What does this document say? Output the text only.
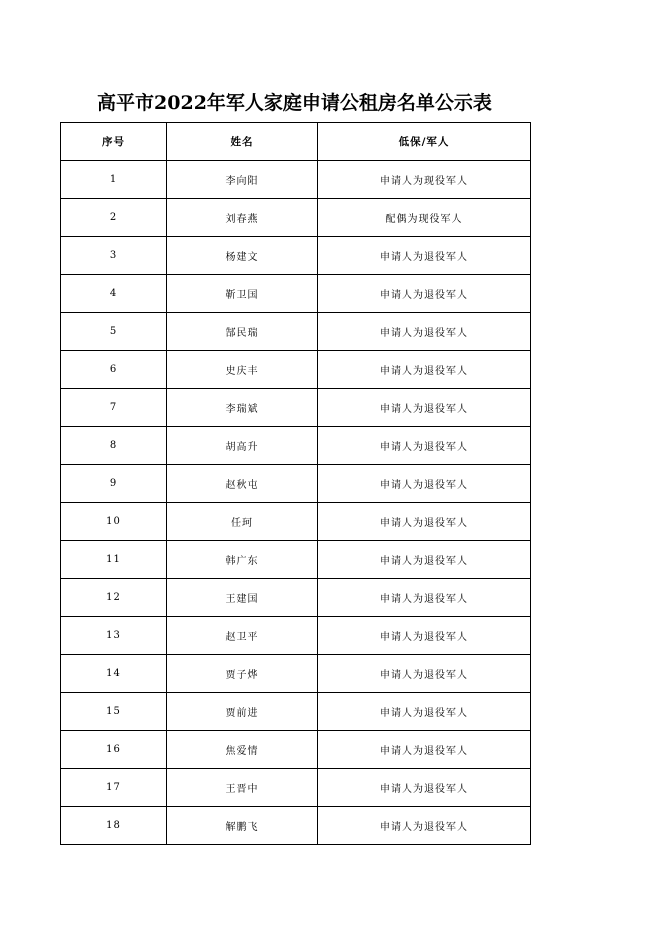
高平市2022年军人家庭申请公租房名单公示表
序号	姓名	低保/军人
1	李向阳	申请人为现役军人
2	刘春燕	配偶为现役军人
3	杨建文	申请人为退役军人
4	靳卫国	申请人为退役军人
5	郜民瑞	申请人为退役军人
6	史庆丰	申请人为退役军人
7	李瑞斌	申请人为退役军人
8	胡高升	申请人为退役军人
9	赵秋屯	申请人为退役军人
10	任珂	申请人为退役军人
11	韩广东	申请人为退役军人
12	王建国	申请人为退役军人
13	赵卫平	申请人为退役军人
14	贾子烨	申请人为退役军人
15	贾前进	申请人为退役军人
16	焦爱情	申请人为退役军人
17	王晋中	申请人为退役军人
18	解鹏飞	申请人为退役军人
